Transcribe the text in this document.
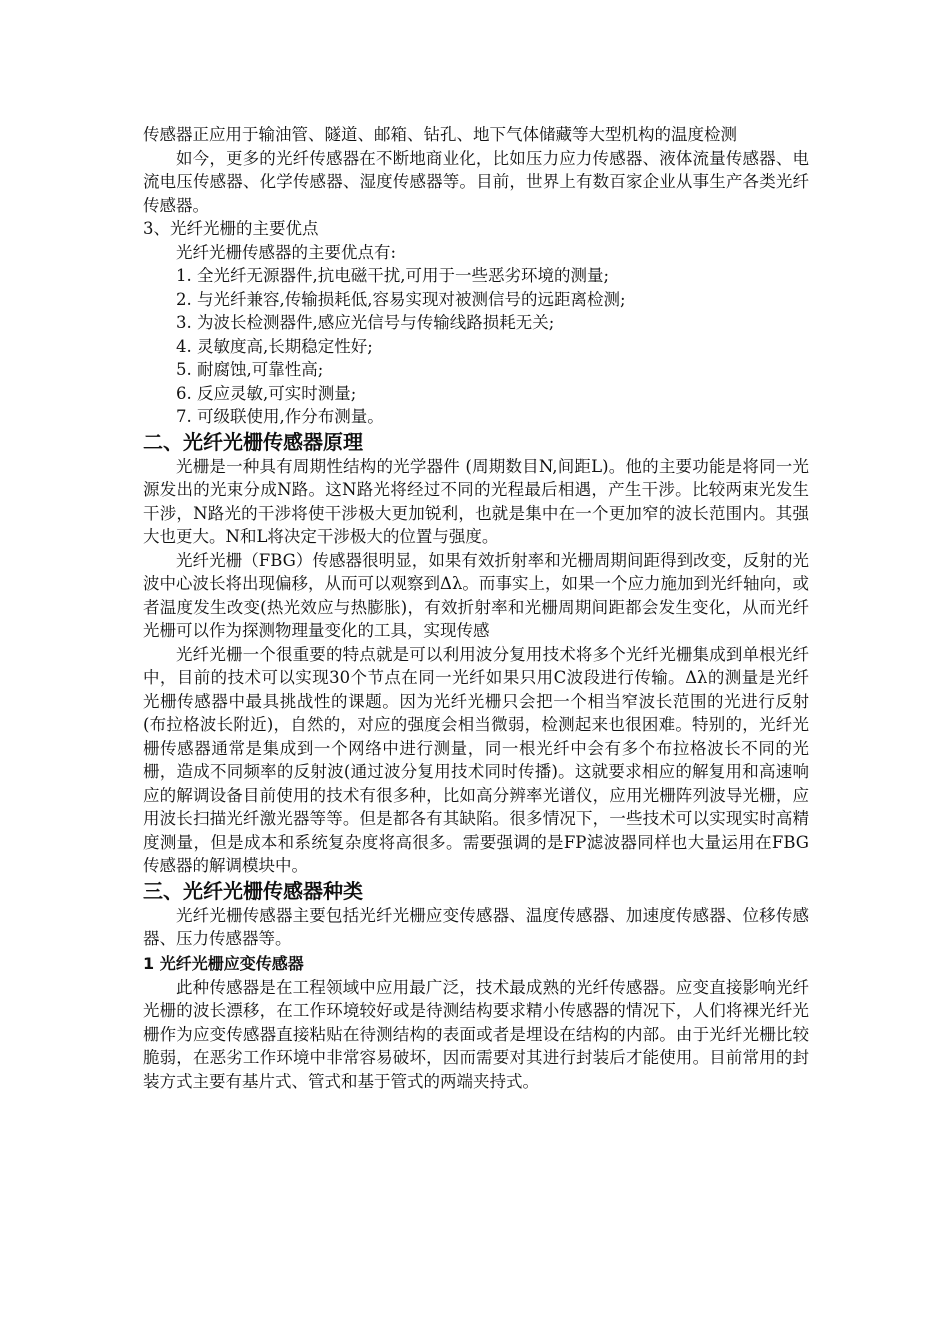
传感器正应用于输油管、隧道、邮箱、钻孔、地下气体储藏等大型机构的温度检测

如今，更多的光纤传感器在不断地商业化，比如压力应力传感器、液体流量传感器、电流电压传感器、化学传感器、湿度传感器等。目前，世界上有数百家企业从事生产各类光纤传感器。

3、光纤光栅的主要优点

光纤光栅传感器的主要优点有:

1. 全光纤无源器件,抗电磁干扰,可用于一些恶劣环境的测量;

2. 与光纤兼容,传输损耗低,容易实现对被测信号的远距离检测;

3. 为波长检测器件,感应光信号与传输线路损耗无关;

4. 灵敏度高,长期稳定性好;

5. 耐腐蚀,可靠性高;

6. 反应灵敏,可实时测量;

7. 可级联使用,作分布测量。

二、光纤光栅传感器原理

光栅是一种具有周期性结构的光学器件 (周期数目N,间距L)。他的主要功能是将同一光源发出的光束分成N路。这N路光将经过不同的光程最后相遇，产生干涉。比较两束光发生干涉，N路光的干涉将使干涉极大更加锐利，也就是集中在一个更加窄的波长范围内。其强大也更大。N和L将决定干涉极大的位置与强度。

光纤光栅（FBG）传感器很明显，如果有效折射率和光栅周期间距得到改变，反射的光波中心波长将出现偏移，从而可以观察到Δλ。而事实上，如果一个应力施加到光纤轴向，或者温度发生改变(热光效应与热膨胀)，有效折射率和光栅周期间距都会发生变化，从而光纤光栅可以作为探测物理量变化的工具，实现传感

光纤光栅一个很重要的特点就是可以利用波分复用技术将多个光纤光栅集成到单根光纤中，目前的技术可以实现30个节点在同一光纤如果只用C波段进行传输。Δλ的测量是光纤光栅传感器中最具挑战性的课题。因为光纤光栅只会把一个相当窄波长范围的光进行反射(布拉格波长附近)，自然的，对应的强度会相当微弱，检测起来也很困难。特别的，光纤光栅传感器通常是集成到一个网络中进行测量，同一根光纤中会有多个布拉格波长不同的光栅，造成不同频率的反射波(通过波分复用技术同时传播)。这就要求相应的解复用和高速响应的解调设备目前使用的技术有很多种，比如高分辨率光谱仪，应用光栅阵列波导光栅，应用波长扫描光纤激光器等等。但是都各有其缺陷。很多情况下，一些技术可以实现实时高精度测量，但是成本和系统复杂度将高很多。需要强调的是FP滤波器同样也大量运用在FBG传感器的解调模块中。

三、光纤光栅传感器种类

光纤光栅传感器主要包括光纤光栅应变传感器、温度传感器、加速度传感器、位移传感器、压力传感器等。

1 光纤光栅应变传感器

此种传感器是在工程领域中应用最广泛，技术最成熟的光纤传感器。应变直接影响光纤光栅的波长漂移，在工作环境较好或是待测结构要求精小传感器的情况下，人们将裸光纤光栅作为应变传感器直接粘贴在待测结构的表面或者是埋设在结构的内部。由于光纤光栅比较脆弱，在恶劣工作环境中非常容易破坏，因而需要对其进行封装后才能使用。目前常用的封装方式主要有基片式、管式和基于管式的两端夹持式。
